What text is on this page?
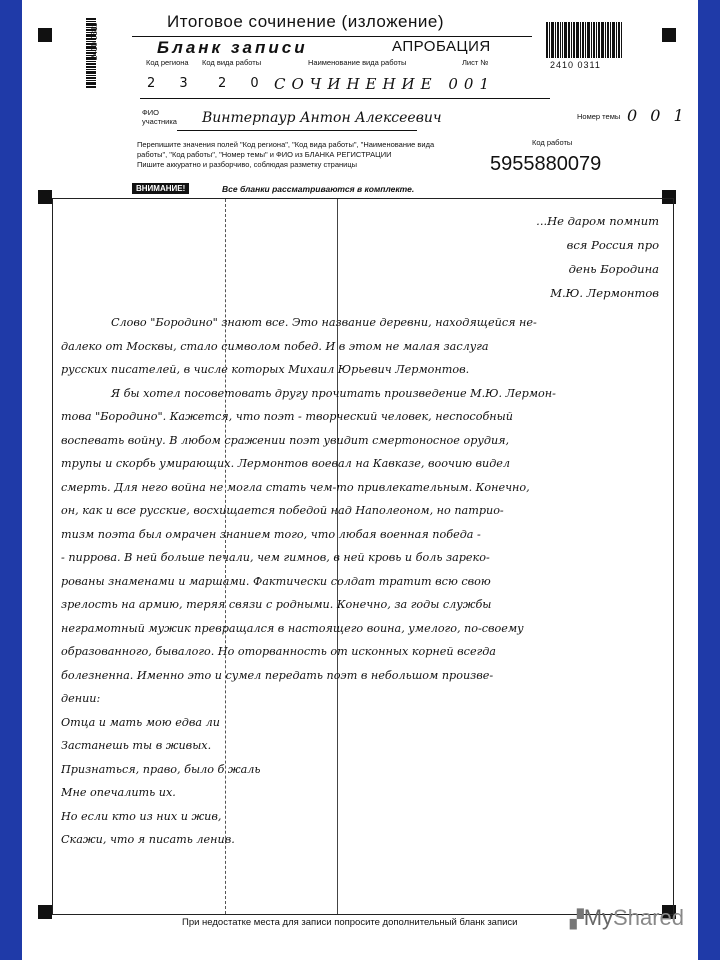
2410 0311
2410 0311
Итоговое сочинение (изложение)
Бланк записи	АПРОБАЦИЯ
Код региона Код вида работы	Наименование вида работы	Лист №
2 3 2 0 СОЧИНЕНИЕ 001
ФИО участника Винтерпаур Антон Алексеевич	Номер темы 0 0 1
Перепишите значения полей "Код региона", "Код вида работы", "Наименование вида
работы", "Код работы", "Номер темы" и ФИО из БЛАНКА РЕГИСТРАЦИИ
Пишите аккуратно и разборчиво, соблюдая разметку страницы
Код работы
5955880079
ВНИМАНИЕ!	Все бланки рассматриваются в комплекте.
...Не даром помнит
вся Россия про
день Бородина
М.Ю. Лермонтов
Слово "Бородино" знают все. Это название деревни, находящейся не-
далеко от Москвы, стало символом побед. И в этом не малая заслуга
русских писателей, в числе которых Михаил Юрьевич Лермонтов.
Я бы хотел посоветовать другу прочитать произведение М.Ю. Лермон-
това "Бородино". Кажется, что поэт - творческий человек, неспособный
воспевать войну. В любом сражении поэт увидит смертоносное орудия,
трупы и скорбь умирающих. Лермонтов воевал на Кавказе, воочию видел
смерть. Для него война не могла стать чем-то привлекательным. Конечно,
он, как и все русские, восхищается победой над Наполеоном, но патрио-
тизм поэта был омрачен знанием того, что любая военная победа -
- пиррова. В ней больше печали, чем гимнов, в ней кровь и боль зареко-
рованы знаменами и маршами. Фактически солдат тратит всю свою
зрелость на армию, теряя связи с родными. Конечно, за годы службы
неграмотный мужик превращался в настоящего воина, умелого, по-своему
образованного, бывалого. Но оторванность от исконных корней всегда
болезненна. Именно это и сумел передать поэт в небольшом произве-
дении:
Отца и мать мою едва ли
Застанешь ты в живых.
Признаться, право, было б жаль
Мне опечалить их.
Но если кто из них и жив,
Скажи, что я писать ленив.
При недостатке места для записи попросите дополнительный бланк записи	▞MyShared
